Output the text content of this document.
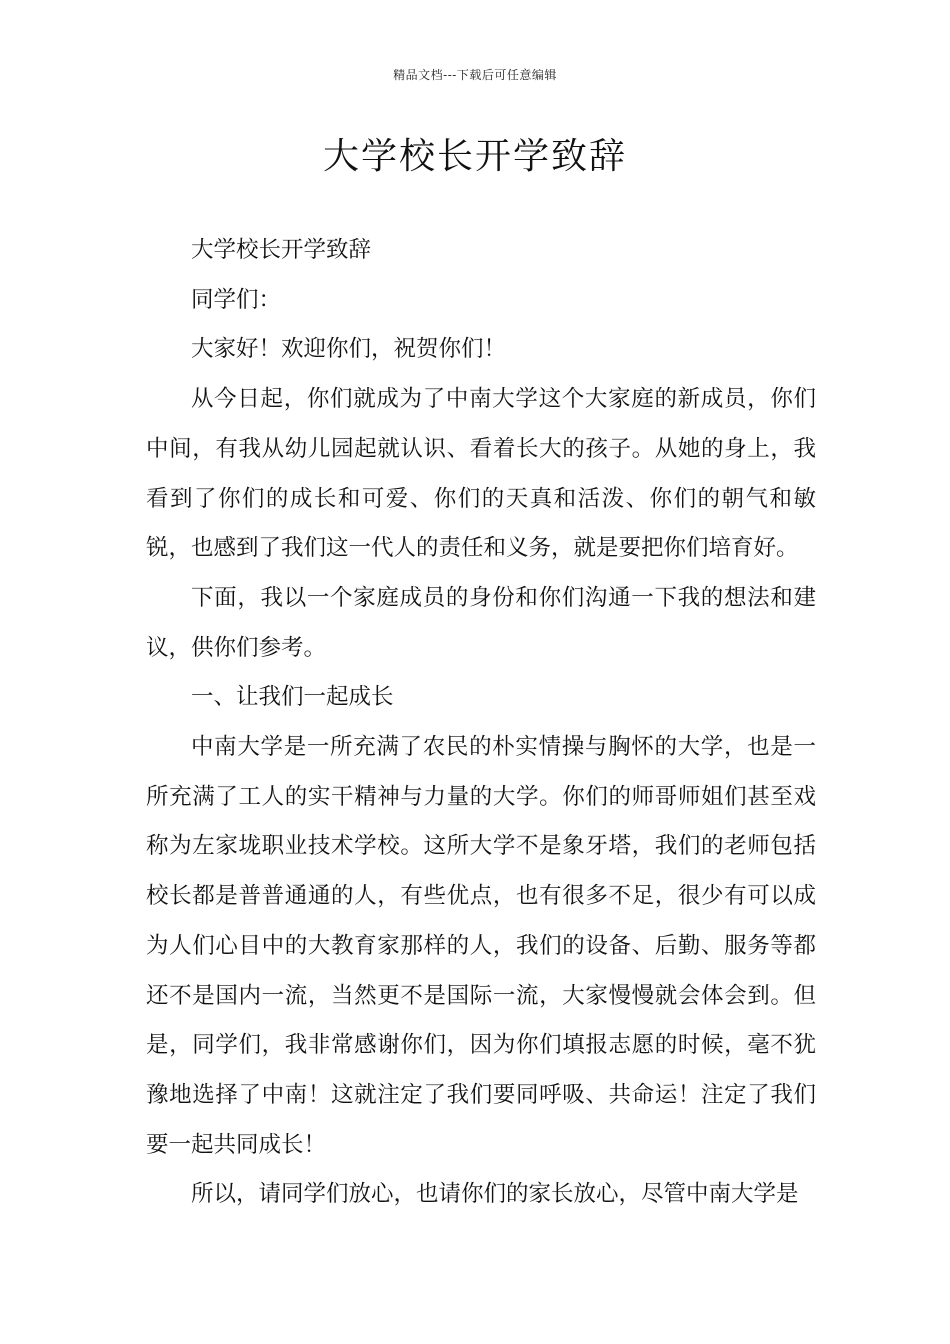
精品文档---下载后可任意编辑
大学校长开学致辞

大学校长开学致辞

同学们：

大家好！欢迎你们，祝贺你们！

从今日起，你们就成为了中南大学这个大家庭的新成员，你们中间，有我从幼儿园起就认识、看着长大的孩子。从她的身上，我看到了你们的成长和可爱、你们的天真和活泼、你们的朝气和敏锐，也感到了我们这一代人的责任和义务，就是要把你们培育好。

下面，我以一个家庭成员的身份和你们沟通一下我的想法和建议，供你们参考。

一、让我们一起成长

中南大学是一所充满了农民的朴实情操与胸怀的大学，也是一所充满了工人的实干精神与力量的大学。你们的师哥师姐们甚至戏称为左家垅职业技术学校。这所大学不是象牙塔，我们的老师包括校长都是普普通通的人，有些优点，也有很多不足，很少有可以成为人们心目中的大教育家那样的人，我们的设备、后勤、服务等都还不是国内一流，当然更不是国际一流，大家慢慢就会体会到。但是，同学们，我非常感谢你们，因为你们填报志愿的时候，毫不犹豫地选择了中南！这就注定了我们要同呼吸、共命运！注定了我们要一起共同成长！

所以，请同学们放心，也请你们的家长放心，尽管中南大学是
